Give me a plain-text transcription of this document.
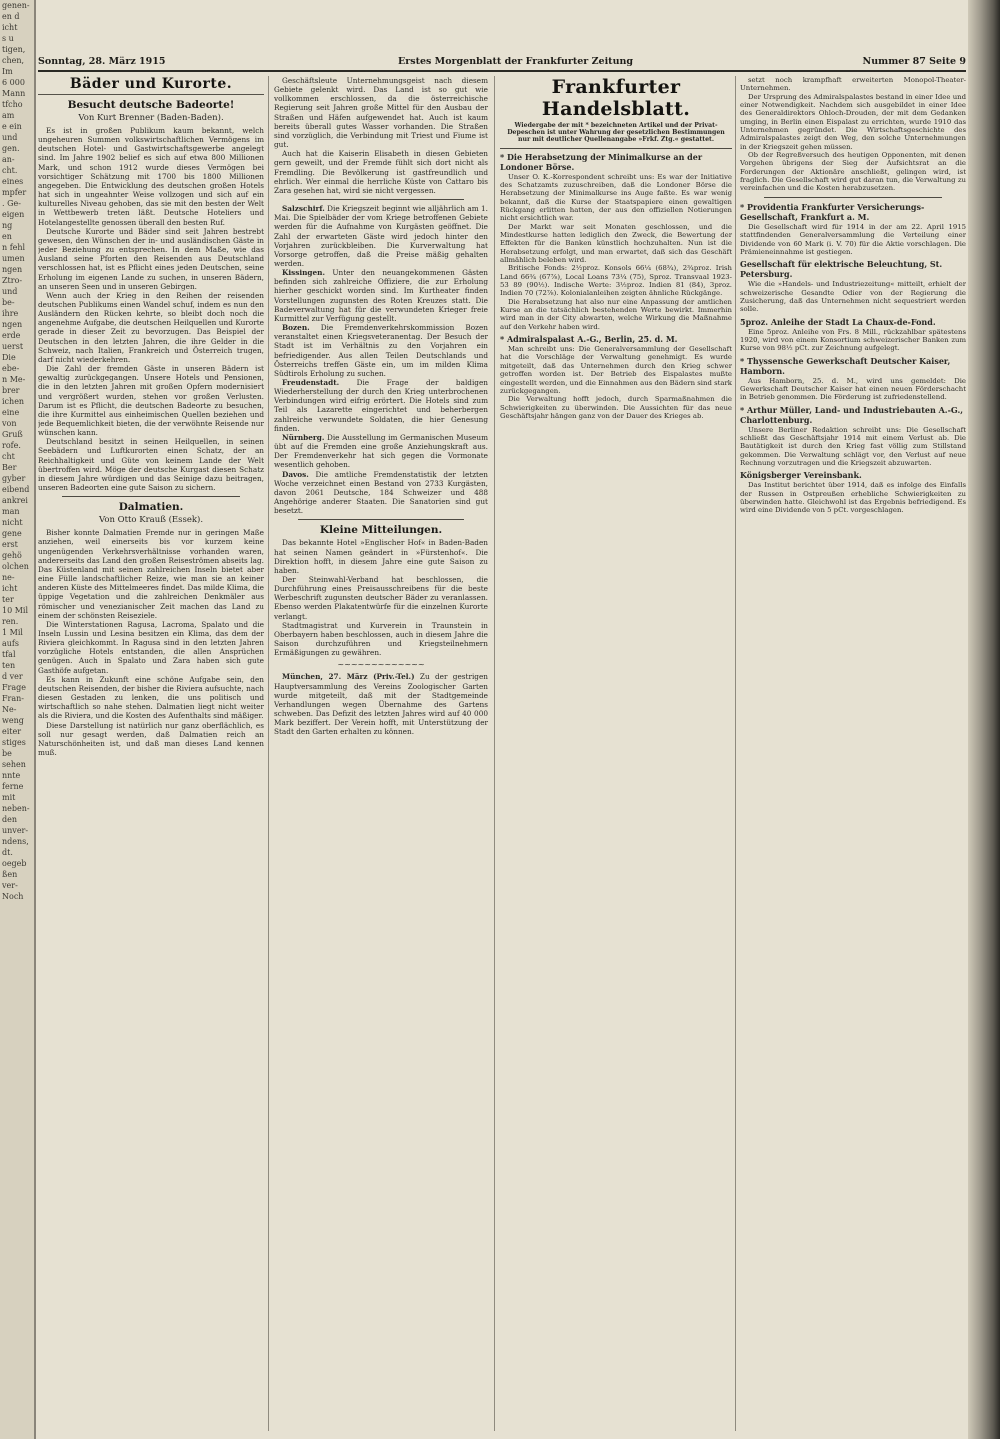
genen-
en d
icht
s u
tigen,
chen,
Im
6 000
Mann
tfcho
am
e ein
und
gen.
an-
cht.
eines
mpfer
. Ge-
eigen
ng
en
n fehl
umen
ngen
Ztro-
und
be-
ihre
ngen
erde
uerst
Die
ebe-
n Me-
brer
ichen
eine
von
Gruß
rofe.
cht
Ber
gyber
eibend
ankrei
man
nicht
gene
erst
gehö
olchen
ne-
icht
ter
10 Mil
ren.
1 Mil
aufs
tfal
ten
d ver
Frage
Fran-
Ne-
weng
eiter
stiges
be
sehen
nnte
ferne
mit
neben-
den
unver-
ndens,
dt.
oegeb
ßen
ver-
Noch
Sonntag, 28. März 1915	Erstes Morgenblatt der Frankfurter Zeitung	Nummer 87 Seite 9
Bäder und Kurorte.
Besucht deutsche Badeorte!

Von Kurt Brenner (Baden-Baden).

Es ist in großen Publikum kaum bekannt, welch ungeheuren Summen volkswirtschaftlichen Vermögens im deutschen Hotel- und Gastwirtschaftsgewerbe angelegt sind. Im Jahre 1902 belief es sich auf etwa 800 Millionen Mark, und schon 1912 wurde dieses Vermögen bei vorsichtiger Schätzung mit 1700 bis 1800 Millionen angegeben. Die Entwicklung des deutschen großen Hotels hat sich in ungeahnter Weise vollzogen und sich auf ein kulturelles Niveau gehoben, das sie mit den besten der Welt in Wettbewerb treten läßt. Deutsche Hoteliers und Hotelangestellte genossen überall den besten Ruf.

Deutsche Kurorte und Bäder sind seit Jahren bestrebt gewesen, den Wünschen der in- und ausländischen Gäste in jeder Beziehung zu entsprechen. In dem Maße, wie das Ausland seine Pforten den Reisenden aus Deutschland verschlossen hat, ist es Pflicht eines jeden Deutschen, seine Erholung im eigenen Lande zu suchen, in unseren Bädern, an unseren Seen und in unseren Gebirgen.

Wenn auch der Krieg in den Reihen der reisenden deutschen Publikums einen Wandel schuf, indem es nun den Ausländern den Rücken kehrte, so bleibt doch noch die angenehme Aufgabe, die deutschen Heilquellen und Kurorte gerade in dieser Zeit zu bevorzugen. Das Beispiel der Deutschen in den letzten Jahren, die ihre Gelder in die Schweiz, nach Italien, Frankreich und Österreich trugen, darf nicht wiederkehren.

Die Zahl der fremden Gäste in unseren Bädern ist gewaltig zurückgegangen. Unsere Hotels und Pensionen, die in den letzten Jahren mit großen Opfern modernisiert und vergrößert wurden, stehen vor großen Verlusten. Darum ist es Pflicht, die deutschen Badeorte zu besuchen, die ihre Kurmittel aus einheimischen Quellen beziehen und jede Bequemlichkeit bieten, die der verwöhnte Reisende nur wünschen kann.

Deutschland besitzt in seinen Heilquellen, in seinen Seebädern und Luftkurorten einen Schatz, der an Reichhaltigkeit und Güte von keinem Lande der Welt übertroffen wird. Möge der deutsche Kurgast diesen Schatz in diesem Jahre würdigen und das Seinige dazu beitragen, unseren Badeorten eine gute Saison zu sichern.

Dalmatien.

Von Otto Krauß (Essek).

Bisher konnte Dalmatien Fremde nur in geringen Maße anziehen, weil einerseits bis vor kurzem keine ungenügenden Verkehrsverhältnisse vorhanden waren, andererseits das Land den großen Reiseströmen abseits lag. Das Küstenland mit seinen zahlreichen Inseln bietet aber eine Fülle landschaftlicher Reize, wie man sie an keiner anderen Küste des Mittelmeeres findet. Das milde Klima, die üppige Vegetation und die zahlreichen Denkmäler aus römischer und venezianischer Zeit machen das Land zu einem der schönsten Reiseziele.

Die Winterstationen Ragusa, Lacroma, Spalato und die Inseln Lussin und Lesina besitzen ein Klima, das dem der Riviera gleichkommt. In Ragusa sind in den letzten Jahren vorzügliche Hotels entstanden, die allen Ansprüchen genügen. Auch in Spalato und Zara haben sich gute Gasthöfe aufgetan.

Es kann in Zukunft eine schöne Aufgabe sein, den deutschen Reisenden, der bisher die Riviera aufsuchte, nach diesen Gestaden zu lenken, die uns politisch und wirtschaftlich so nahe stehen. Dalmatien liegt nicht weiter als die Riviera, und die Kosten des Aufenthalts sind mäßiger.

Diese Darstellung ist natürlich nur ganz oberflächlich, es soll nur gesagt werden, daß Dalmatien reich an Naturschönheiten ist, und daß man dieses Land kennen muß.

Geschäftsleute Unternehmungsgeist nach diesem Gebiete gelenkt wird. Das Land ist so gut wie vollkommen erschlossen, da die österreichische Regierung seit Jahren große Mittel für den Ausbau der Straßen und Häfen aufgewendet hat. Auch ist kaum bereits überall gutes Wasser vorhanden. Die Straßen sind vorzüglich, die Verbindung mit Triest und Fiume ist gut.

Auch hat die Kaiserin Elisabeth in diesen Gebieten gern geweilt, und der Fremde fühlt sich dort nicht als Fremdling. Die Bevölkerung ist gastfreundlich und ehrlich. Wer einmal die herrliche Küste von Cattaro bis Zara gesehen hat, wird sie nicht vergessen.

Salzschirf. Die Kriegszeit beginnt wie alljährlich am 1. Mai. Die Spielbäder der vom Kriege betroffenen Gebiete werden für die Aufnahme von Kurgästen geöffnet. Die Zahl der erwarteten Gäste wird jedoch hinter den Vorjahren zurückbleiben. Die Kurverwaltung hat Vorsorge getroffen, daß die Preise mäßig gehalten werden.

Kissingen. Unter den neuangekommenen Gästen befinden sich zahlreiche Offiziere, die zur Erholung hierher geschickt worden sind. Im Kurtheater finden Vorstellungen zugunsten des Roten Kreuzes statt. Die Badeverwaltung hat für die verwundeten Krieger freie Kurmittel zur Verfügung gestellt.

Bozen. Die Fremdenverkehrskommission Bozen veranstaltet einen Kriegsveteranentag. Der Besuch der Stadt ist im Verhältnis zu den Vorjahren ein befriedigender. Aus allen Teilen Deutschlands und Österreichs treffen Gäste ein, um im milden Klima Südtirols Erholung zu suchen.

Freudenstadt. Die Frage der baldigen Wiederherstellung der durch den Krieg unterbrochenen Verbindungen wird eifrig erörtert. Die Hotels sind zum Teil als Lazarette eingerichtet und beherbergen zahlreiche verwundete Soldaten, die hier Genesung finden.

Nürnberg. Die Ausstellung im Germanischen Museum übt auf die Fremden eine große Anziehungskraft aus. Der Fremdenverkehr hat sich gegen die Vormonate wesentlich gehoben.

Davos. Die amtliche Fremdenstatistik der letzten Woche verzeichnet einen Bestand von 2733 Kurgästen, davon 2061 Deutsche, 184 Schweizer und 488 Angehörige anderer Staaten. Die Sanatorien sind gut besetzt.

Kleine Mitteilungen.

Das bekannte Hotel »Englischer Hof« in Baden-Baden hat seinen Namen geändert in »Fürstenhof«. Die Direktion hofft, in diesem Jahre eine gute Saison zu haben.

Der Steinwahl-Verband hat beschlossen, die Durchführung eines Preisausschreibens für die beste Werbeschrift zugunsten deutscher Bäder zu veranlassen. Ebenso werden Plakatentwürfe für die einzelnen Kurorte verlangt.

Stadtmagistrat und Kurverein in Traunstein in Oberbayern haben beschlossen, auch in diesem Jahre die Saison durchzuführen und Kriegsteilnehmern Ermäßigungen zu gewähren.

~~~~~~~~~~~~~

München, 27. März (Priv.-Tel.) Zu der gestrigen Hauptversammlung des Vereins Zoologischer Garten wurde mitgeteilt, daß mit der Stadtgemeinde Verhandlungen wegen Übernahme des Gartens schweben. Das Defizit des letzten Jahres wird auf 40 000 Mark beziffert. Der Verein hofft, mit Unterstützung der Stadt den Garten erhalten zu können.

Frankfurter Handelsblatt.

Wiedergabe der mit * bezeichneten Artikel und der Privat-Depeschen ist unter Wahrung der gesetzlichen Bestimmungen nur mit deutlicher Quellenangabe »Frkf. Ztg.« gestattet.

* Die Herabsetzung der Minimalkurse an der Londoner Börse.

Unser O. K.-Korrespondent schreibt uns: Es war der Initiative des Schatzamts zuzuschreiben, daß die Londoner Börse die Herabsetzung der Minimalkurse ins Auge faßte. Es war wenig bekannt, daß die Kurse der Staatspapiere einen gewaltigen Rückgang erlitten hatten, der aus den offiziellen Notierungen nicht ersichtlich war.

Der Markt war seit Monaten geschlossen, und die Mindestkurse hatten lediglich den Zweck, die Bewertung der Effekten für die Banken künstlich hochzuhalten. Nun ist die Herabsetzung erfolgt, und man erwartet, daß sich das Geschäft allmählich beleben wird.

Britische Fonds: 2½proz. Konsols 66¼ (68¾), 2¾proz. Irish Land 66¾ (67⅞), Local Loans 73¼ (75), Sproz. Transvaal 1923-53 89 (90½). Indische Werte: 3½proz. Indien 81 (84), 3proz. Indien 70 (72⅞). Kolonialanleihen zeigten ähnliche Rückgänge.

Die Herabsetzung hat also nur eine Anpassung der amtlichen Kurse an die tatsächlich bestehenden Werte bewirkt. Immerhin wird man in der City abwarten, welche Wirkung die Maßnahme auf den Verkehr haben wird.

* Admiralspalast A.-G., Berlin, 25. d. M.

Man schreibt uns: Die Generalversammlung der Gesellschaft hat die Vorschläge der Verwaltung genehmigt. Es wurde mitgeteilt, daß das Unternehmen durch den Krieg schwer getroffen worden ist. Der Betrieb des Eispalastes mußte eingestellt werden, und die Einnahmen aus den Bädern sind stark zurückgegangen.

Die Verwaltung hofft jedoch, durch Sparmaßnahmen die Schwierigkeiten zu überwinden. Die Aussichten für das neue Geschäftsjahr hängen ganz von der Dauer des Krieges ab.

setzt noch krampfhaft erweiterten Monopol-Theater-Unternehmen.

Der Ursprung des Admiralspalastes bestand in einer Idee und einer Notwendigkeit. Nachdem sich ausgebildet in einer Idee des Generaldirektors Ohloch-Drouden, der mit dem Gedanken umging, in Berlin einen Eispalast zu errichten, wurde 1910 das Unternehmen gegründet. Die Wirtschaftsgeschichte des Admiralspalastes zeigt den Weg, den solche Unternehmungen in der Kriegszeit gehen müssen.

Ob der Regreßversuch des heutigen Opponenten, mit denen Vorgehen übrigens der Sieg der Aufsichtsrat an die Forderungen der Aktionäre anschließt, gelingen wird, ist fraglich. Die Gesellschaft wird gut daran tun, die Verwaltung zu vereinfachen und die Kosten herabzusetzen.

* Providentia Frankfurter Versicherungs-Gesellschaft, Frankfurt a. M.

Die Gesellschaft wird für 1914 in der am 22. April 1915 stattfindenden Generalversammlung die Verteilung einer Dividende von 60 Mark (i. V. 70) für die Aktie vorschlagen. Die Prämieneinnahme ist gestiegen.

Gesellschaft für elektrische Beleuchtung, St. Petersburg.

Wie die »Handels- und Industriezeitung« mitteilt, erhielt der schweizerische Gesandte Odier von der Regierung die Zusicherung, daß das Unternehmen nicht sequestriert werden solle.

5proz. Anleihe der Stadt La Chaux-de-Fond.

Eine 5proz. Anleihe von Frs. 8 Mill., rückzahlbar spätestens 1920, wird von einem Konsortium schweizerischer Banken zum Kurse von 98½ pCt. zur Zeichnung aufgelegt.

* Thyssensche Gewerkschaft Deutscher Kaiser, Hamborn.

Aus Hamborn, 25. d. M., wird uns gemeldet: Die Gewerkschaft Deutscher Kaiser hat einen neuen Förderschacht in Betrieb genommen. Die Förderung ist zufriedenstellend.

* Arthur Müller, Land- und Industriebauten A.-G., Charlottenburg.

Unsere Berliner Redaktion schreibt uns: Die Gesellschaft schließt das Geschäftsjahr 1914 mit einem Verlust ab. Die Bautätigkeit ist durch den Krieg fast völlig zum Stillstand gekommen. Die Verwaltung schlägt vor, den Verlust auf neue Rechnung vorzutragen und die Kriegszeit abzuwarten.

Königsberger Vereinsbank.

Das Institut berichtet über 1914, daß es infolge des Einfalls der Russen in Ostpreußen erhebliche Schwierigkeiten zu überwinden hatte. Gleichwohl ist das Ergebnis befriedigend. Es wird eine Dividende von 5 pCt. vorgeschlagen.
